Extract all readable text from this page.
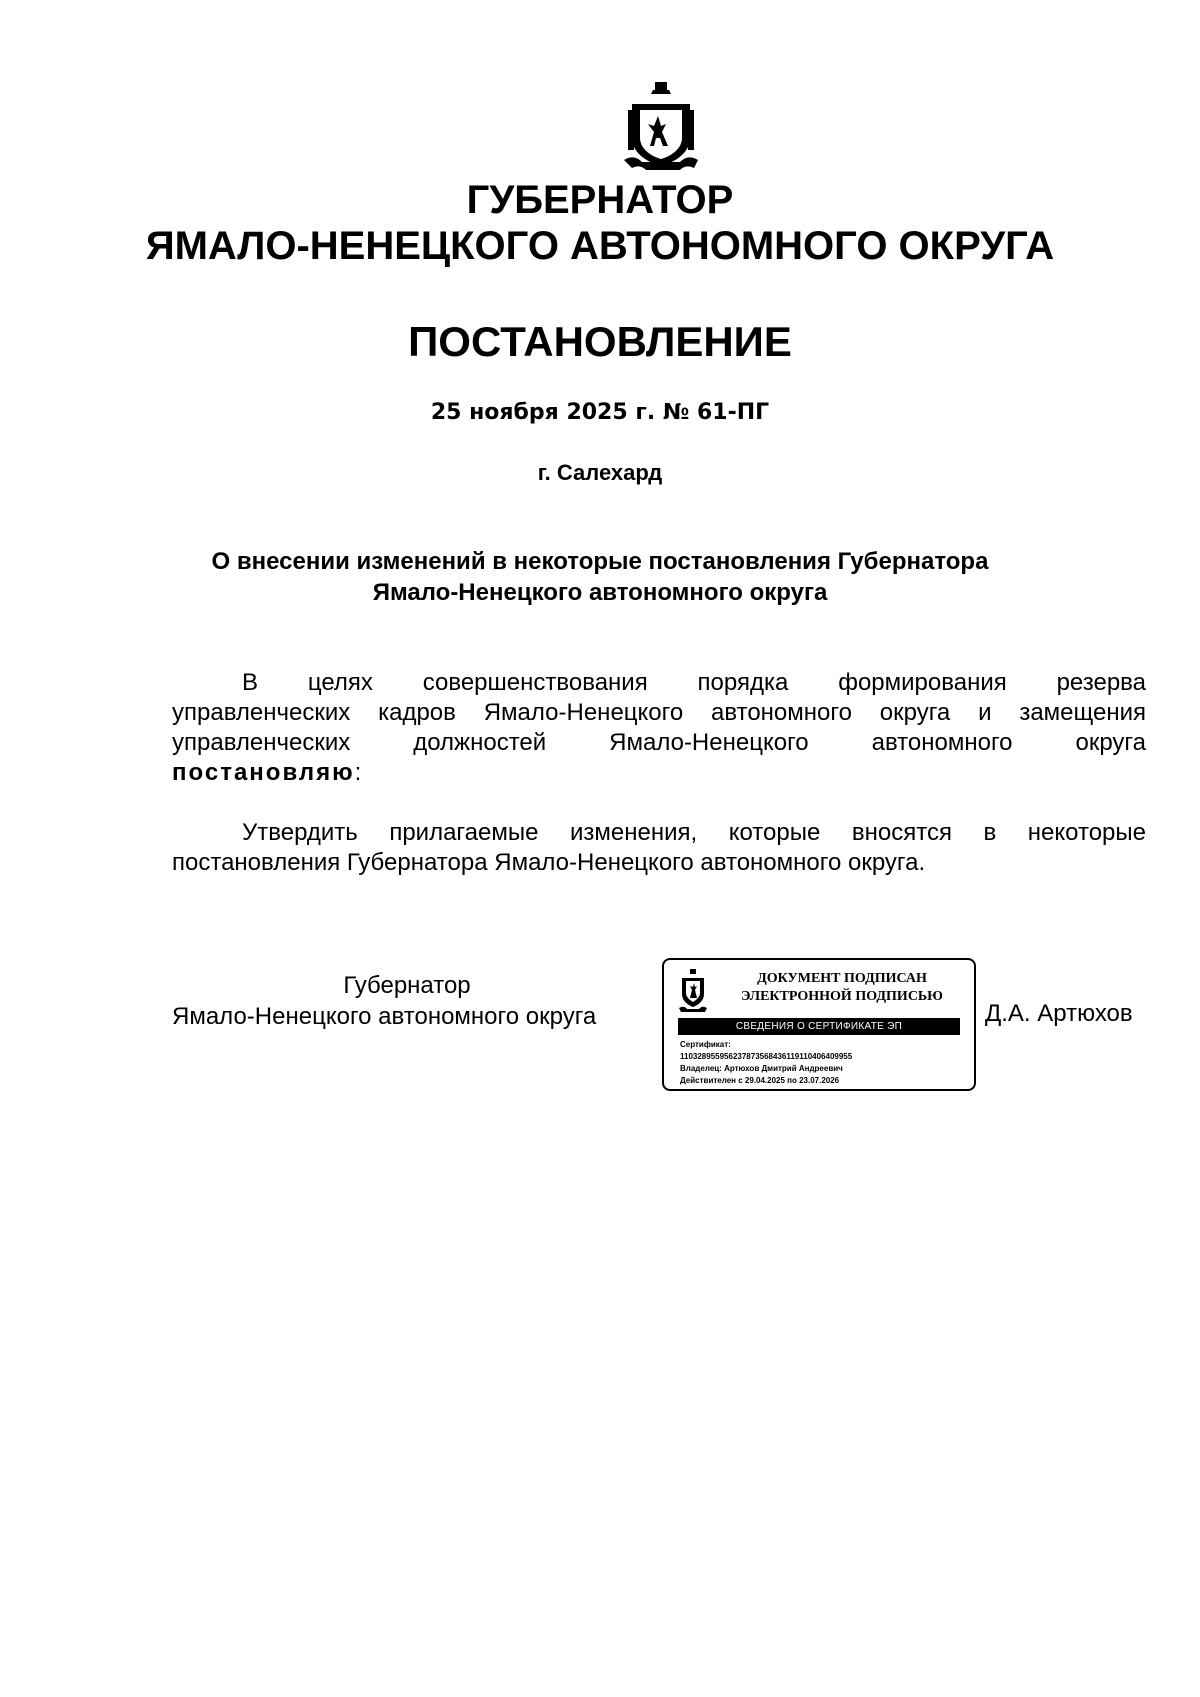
ГУБЕРНАТОР
ЯМАЛО-НЕНЕЦКОГО АВТОНОМНОГО ОКРУГА
ПОСТАНОВЛЕНИЕ
25 ноября 2025 г. № 61-ПГ
г. Салехард
О внесении изменений в некоторые постановления Губернатора
Ямало-Ненецкого автономного округа
В целях совершенствования порядка формирования резерва
управленческих кадров Ямало-Ненецкого автономного округа и замещения
управленческих должностей Ямало-Ненецкого автономного округа
постановляю:
Утвердить прилагаемые изменения, которые вносятся в некоторые
постановления Губернатора Ямало-Ненецкого автономного округа.
Губернатор
Ямало-Ненецкого автономного округа
ДОКУМЕНТ ПОДПИСАН
ЭЛЕКТРОННОЙ ПОДПИСЬЮ
СВЕДЕНИЯ О СЕРТИФИКАТЕ ЭП
Сертификат:
110328955956237873568436119110406409955
Владелец: Артюхов Дмитрий Андреевич
Действителен с 29.04.2025 по 23.07.2026
Д.А. Артюхов
